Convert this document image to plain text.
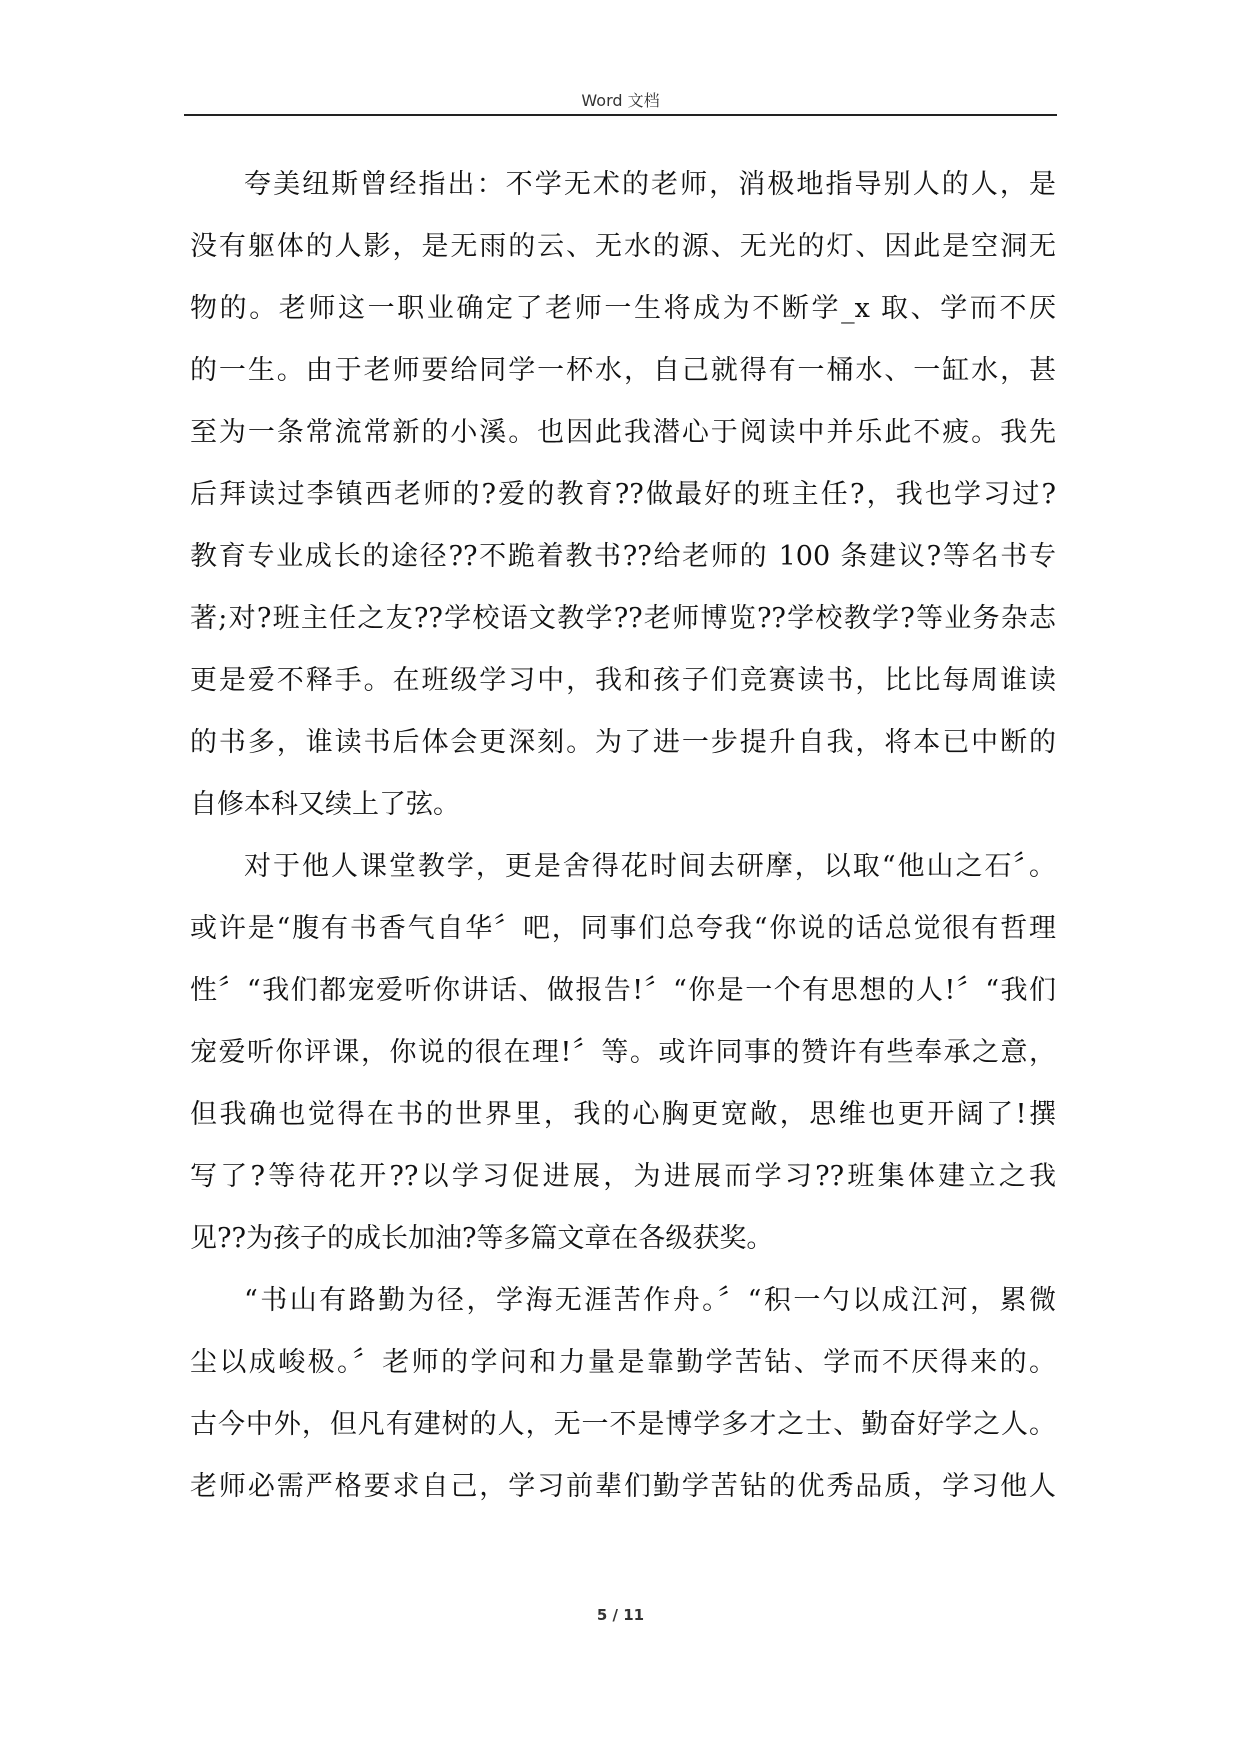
Word 文档
夸美纽斯曾经指出：不学无术的老师，消极地指导别人的人，是
没有躯体的人影，是无雨的云、无水的源、无光的灯、因此是空洞无
物的。老师这一职业确定了老师一生将成为不断学_x 取、学而不厌
的一生。由于老师要给同学一杯水，自己就得有一桶水、一缸水，甚
至为一条常流常新的小溪。也因此我潜心于阅读中并乐此不疲。我先
后拜读过李镇西老师的?爱的教育??做最好的班主任?，我也学习过?
教育专业成长的途径??不跪着教书??给老师的 100 条建议?等名书专
著;对?班主任之友??学校语文教学??老师博览??学校教学?等业务杂志
更是爱不释手。在班级学习中，我和孩子们竞赛读书，比比每周谁读
的书多，谁读书后体会更深刻。为了进一步提升自我，将本已中断的
自修本科又续上了弦。
对于他人课堂教学，更是舍得花时间去研摩，以取“他山之石〞。
或许是“腹有书香气自华〞吧，同事们总夸我“你说的话总觉很有哲理
性〞“我们都宠爱听你讲话、做报告!〞“你是一个有思想的人!〞“我们
宠爱听你评课，你说的很在理!〞等。或许同事的赞许有些奉承之意，
但我确也觉得在书的世界里，我的心胸更宽敞，思维也更开阔了!撰
写了?等待花开??以学习促进展，为进展而学习??班集体建立之我
见??为孩子的成长加油?等多篇文章在各级获奖。
“书山有路勤为径，学海无涯苦作舟。〞“积一勺以成江河，累微
尘以成峻极。〞老师的学问和力量是靠勤学苦钻、学而不厌得来的。
古今中外，但凡有建树的人，无一不是博学多才之士、勤奋好学之人。
老师必需严格要求自己，学习前辈们勤学苦钻的优秀品质，学习他人
5 / 11
